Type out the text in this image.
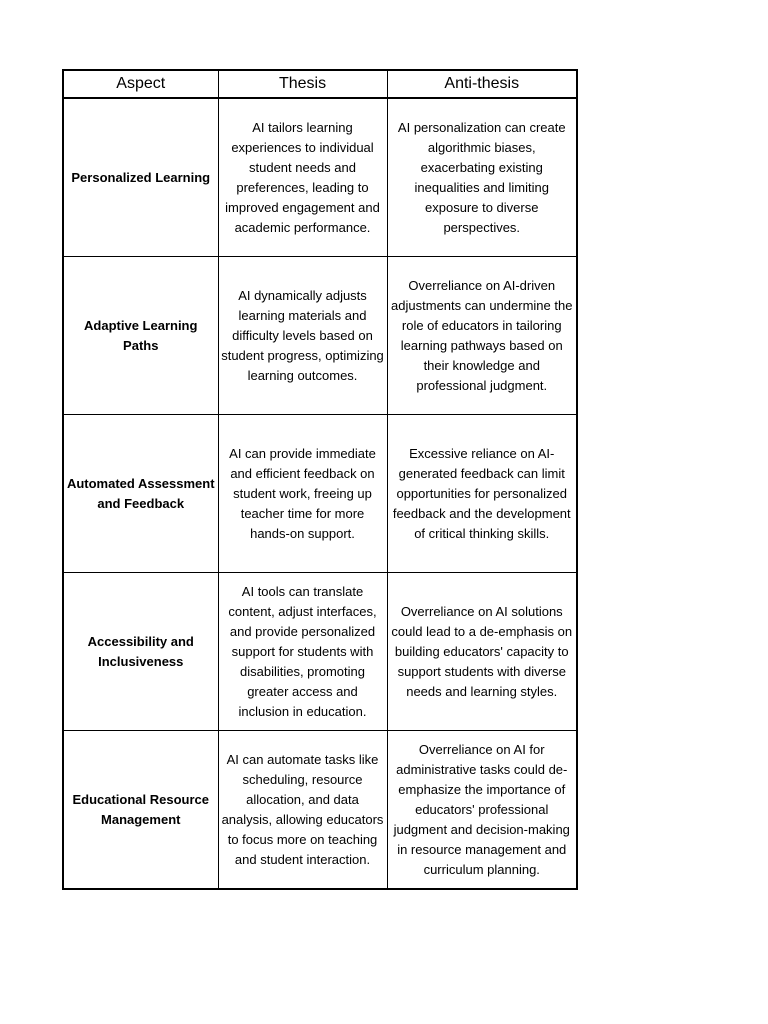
Aspect	Thesis	Anti-thesis

Personalized Learning	AI tailors learning experiences to individual student needs and preferences, leading to improved engagement and academic performance.	AI personalization can create algorithmic biases, exacerbating existing inequalities and limiting exposure to diverse perspectives.

Adaptive Learning Paths	AI dynamically adjusts learning materials and difficulty levels based on student progress, optimizing learning outcomes.	Overreliance on AI-driven adjustments can undermine the role of educators in tailoring learning pathways based on their knowledge and professional judgment.

Automated Assessment and Feedback	AI can provide immediate and efficient feedback on student work, freeing up teacher time for more hands-on support.	Excessive reliance on AI-generated feedback can limit opportunities for personalized feedback and the development of critical thinking skills.

Accessibility and Inclusiveness	AI tools can translate content, adjust interfaces, and provide personalized support for students with disabilities, promoting greater access and inclusion in education.	Overreliance on AI solutions could lead to a de-emphasis on building educators' capacity to support students with diverse needs and learning styles.

Educational Resource Management	AI can automate tasks like scheduling, resource allocation, and data analysis, allowing educators to focus more on teaching and student interaction.	Overreliance on AI for administrative tasks could de-emphasize the importance of educators' professional judgment and decision-making in resource management and curriculum planning.
